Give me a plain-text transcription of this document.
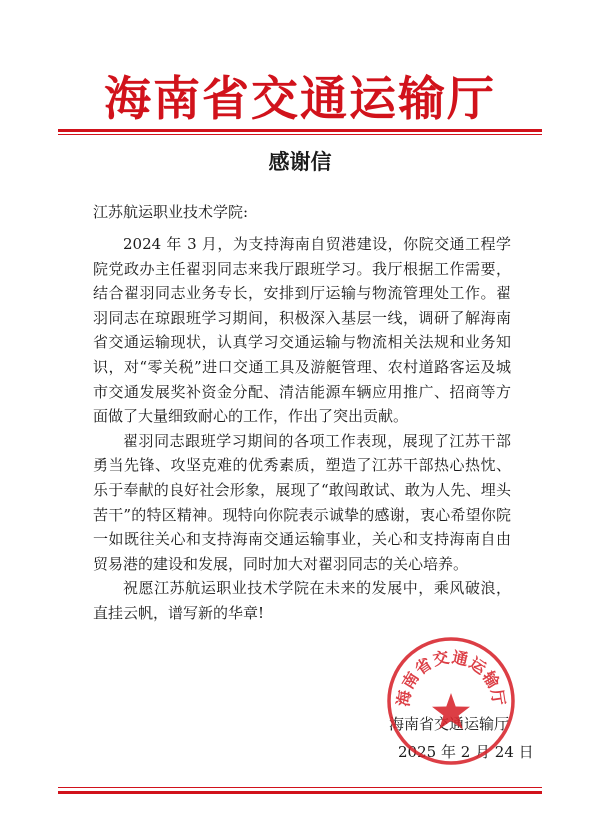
海南省交通运输厅
感谢信
江苏航运职业技术学院:

2024 年 3 月，为支持海南自贸港建设，你院交通工程学院党政办主任翟羽同志来我厅跟班学习。我厅根据工作需要，结合翟羽同志业务专长，安排到厅运输与物流管理处工作。翟羽同志在琼跟班学习期间，积极深入基层一线，调研了解海南省交通运输现状，认真学习交通运输与物流相关法规和业务知识，对“零关税”进口交通工具及游艇管理、农村道路客运及城市交通发展奖补资金分配、清洁能源车辆应用推广、招商等方面做了大量细致耐心的工作，作出了突出贡献。

翟羽同志跟班学习期间的各项工作表现，展现了江苏干部勇当先锋、攻坚克难的优秀素质，塑造了江苏干部热心热忱、乐于奉献的良好社会形象，展现了“敢闯敢试、敢为人先、埋头苦干”的特区精神。现特向你院表示诚挚的感谢，衷心希望你院一如既往关心和支持海南交通运输事业，关心和支持海南自由贸易港的建设和发展，同时加大对翟羽同志的关心培养。

祝愿江苏航运职业技术学院在未来的发展中，乘风破浪，直挂云帆，谱写新的华章!

海南省交通运输厅
2025 年 2 月 24 日
海南省交通运输厅
